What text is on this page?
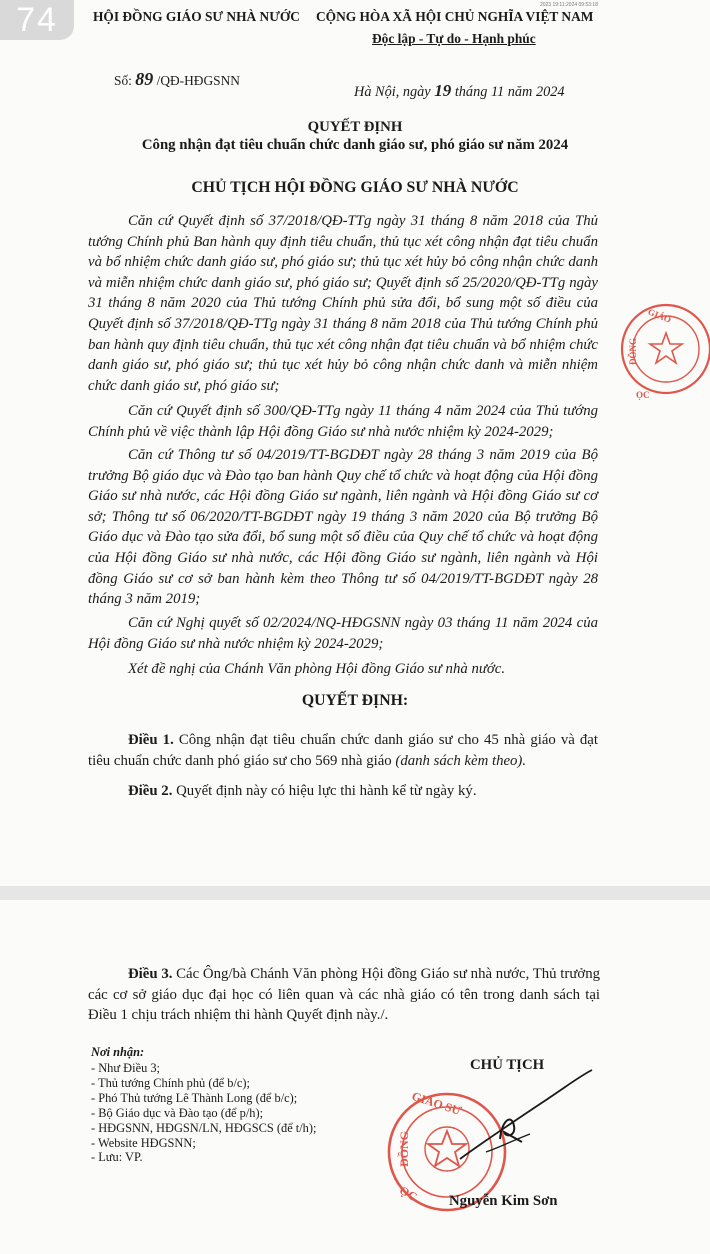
74	2023 19:11:2024 09:53:18
HỘI ĐỒNG GIÁO SƯ NHÀ NƯỚC CỘNG HÒA XÃ HỘI CHỦ NGHĨA VIỆT NAM
Độc lập - Tự do - Hạnh phúc
Số: 89 /QĐ-HĐGSNN
Hà Nội, ngày 19 tháng 11 năm 2024
QUYẾT ĐỊNH
Công nhận đạt tiêu chuẩn chức danh giáo sư, phó giáo sư năm 2024
CHỦ TỊCH HỘI ĐỒNG GIÁO SƯ NHÀ NƯỚC
Căn cứ Quyết định số 37/2018/QĐ-TTg ngày 31 tháng 8 năm 2018 của Thủ tướng Chính phủ Ban hành quy định tiêu chuẩn, thủ tục xét công nhận đạt tiêu chuẩn và bổ nhiệm chức danh giáo sư, phó giáo sư; thủ tục xét hủy bỏ công nhận chức danh và miễn nhiệm chức danh giáo sư, phó giáo sư; Quyết định số 25/2020/QĐ-TTg ngày 31 tháng 8 năm 2020 của Thủ tướng Chính phủ sửa đổi, bổ sung một số điều của Quyết định số 37/2018/QĐ-TTg ngày 31 tháng 8 năm 2018 của Thủ tướng Chính phủ ban hành quy định tiêu chuẩn, thủ tục xét công nhận đạt tiêu chuẩn và bổ nhiệm chức danh giáo sư, phó giáo sư; thủ tục xét hủy bỏ công nhận chức danh và miễn nhiệm chức danh giáo sư, phó giáo sư;
Căn cứ Quyết định số 300/QĐ-TTg ngày 11 tháng 4 năm 2024 của Thủ tướng Chính phủ về việc thành lập Hội đồng Giáo sư nhà nước nhiệm kỳ 2024-2029;
Căn cứ Thông tư số 04/2019/TT-BGDĐT ngày 28 tháng 3 năm 2019 của Bộ trưởng Bộ giáo dục và Đào tạo ban hành Quy chế tổ chức và hoạt động của Hội đồng Giáo sư nhà nước, các Hội đồng Giáo sư ngành, liên ngành và Hội đồng Giáo sư cơ sở; Thông tư số 06/2020/TT-BGDĐT ngày 19 tháng 3 năm 2020 của Bộ trưởng Bộ Giáo dục và Đào tạo sửa đổi, bổ sung một số điều của Quy chế tổ chức và hoạt động của Hội đồng Giáo sư nhà nước, các Hội đồng Giáo sư ngành, liên ngành và Hội đồng Giáo sư cơ sở ban hành kèm theo Thông tư số 04/2019/TT-BGDĐT ngày 28 tháng 3 năm 2019;
Căn cứ Nghị quyết số 02/2024/NQ-HĐGSNN ngày 03 tháng 11 năm 2024 của Hội đồng Giáo sư nhà nước nhiệm kỳ 2024-2029;
Xét đề nghị của Chánh Văn phòng Hội đồng Giáo sư nhà nước.
QUYẾT ĐỊNH:
Điều 1. Công nhận đạt tiêu chuẩn chức danh giáo sư cho 45 nhà giáo và đạt tiêu chuẩn chức danh phó giáo sư cho 569 nhà giáo (danh sách kèm theo).
Điều 2. Quyết định này có hiệu lực thi hành kể từ ngày ký.
GIÁO
ĐỒNG
ỌC
Điều 3. Các Ông/bà Chánh Văn phòng Hội đồng Giáo sư nhà nước, Thủ trưởng các cơ sở giáo dục đại học có liên quan và các nhà giáo có tên trong danh sách tại Điều 1 chịu trách nhiệm thi hành Quyết định này./.
Nơi nhận:
- Như Điều 3;
- Thủ tướng Chính phủ (để b/c);
- Phó Thủ tướng Lê Thành Long (để b/c);
- Bộ Giáo dục và Đào tạo (để p/h);
- HĐGSNN, HĐGSN/LN, HĐGSCS (để t/h);
- Website HĐGSNN;
- Lưu: VP.
GIÁO SƯ
ĐỒNG
ỌC
CHỦ TỊCH
Nguyễn Kim Sơn
